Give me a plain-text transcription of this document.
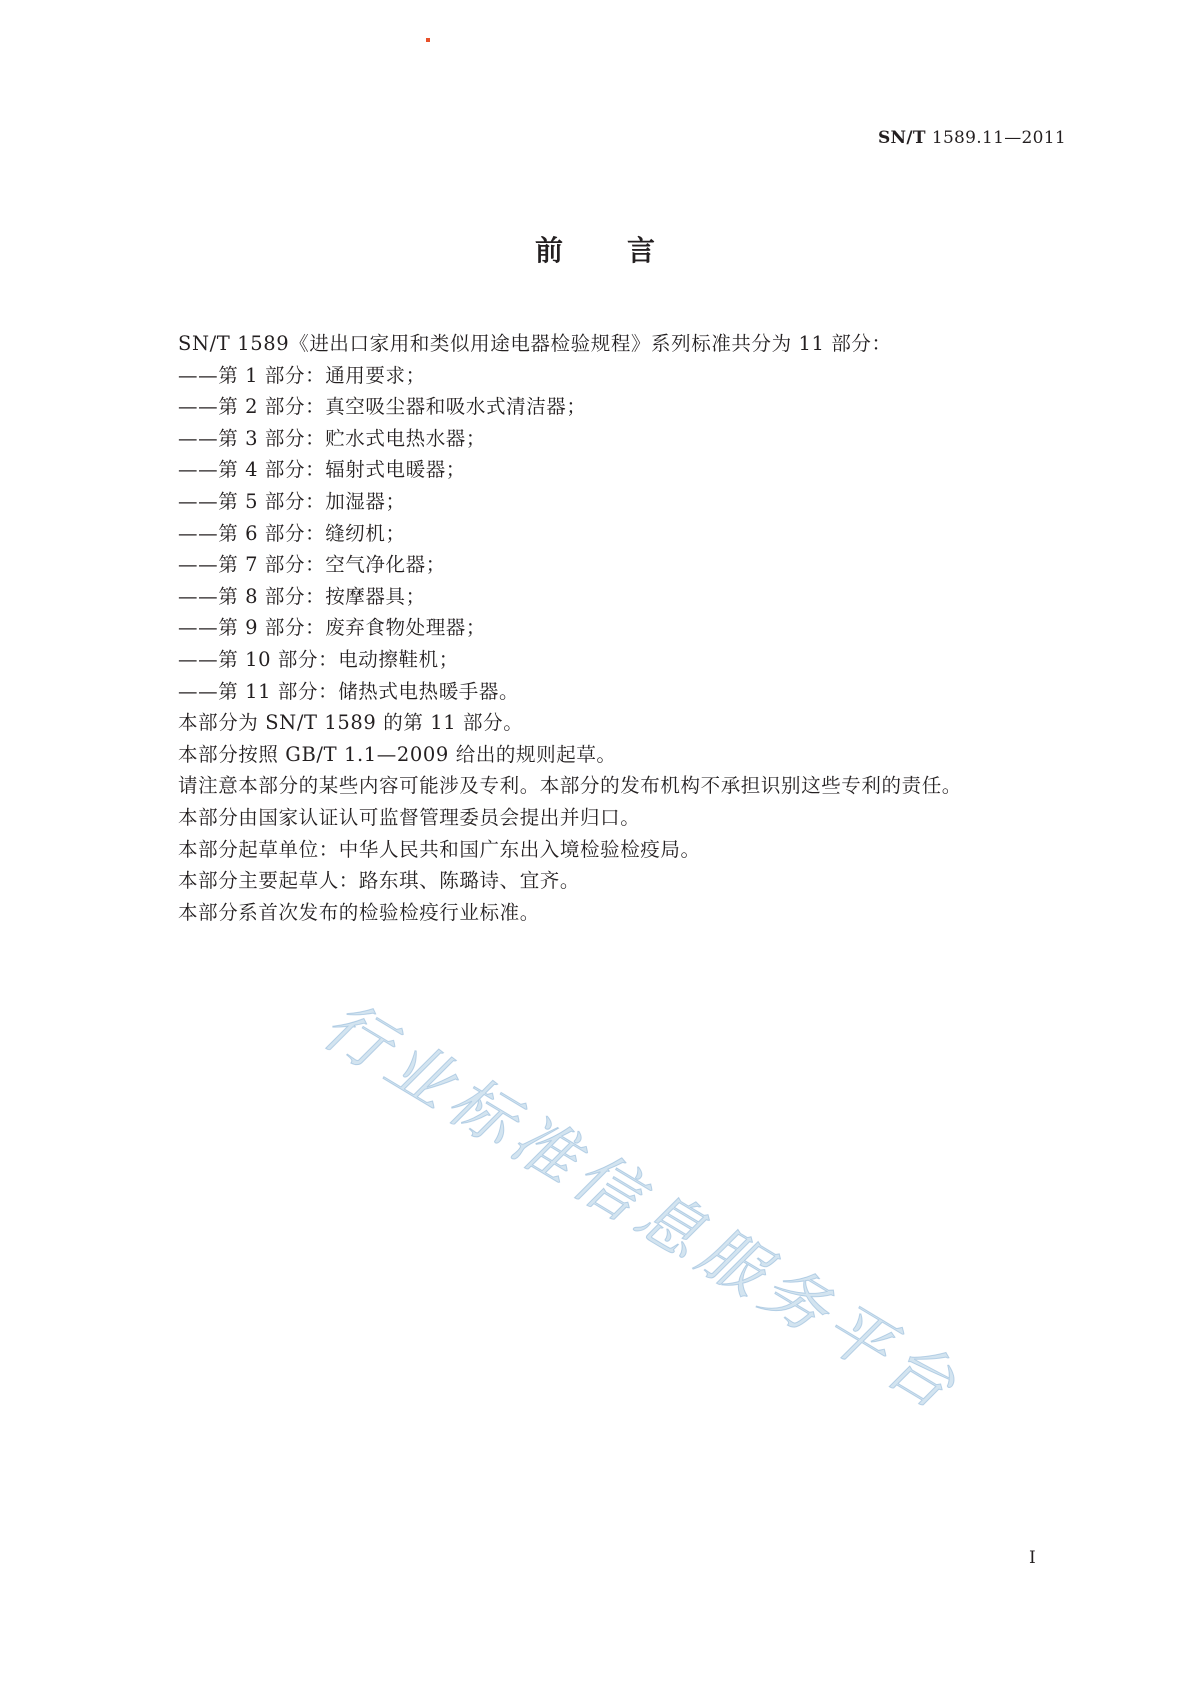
SN/T 1589.11—2011
前言
SN/T 1589《进出口家用和类似用途电器检验规程》系列标准共分为 11 部分：
——第 1 部分：通用要求；
——第 2 部分：真空吸尘器和吸水式清洁器；
——第 3 部分：贮水式电热水器；
——第 4 部分：辐射式电暖器；
——第 5 部分：加湿器；
——第 6 部分：缝纫机；
——第 7 部分：空气净化器；
——第 8 部分：按摩器具；
——第 9 部分：废弃食物处理器；
——第 10 部分：电动擦鞋机；
——第 11 部分：储热式电热暖手器。
本部分为 SN/T 1589 的第 11 部分。
本部分按照 GB/T 1.1—2009 给出的规则起草。
请注意本部分的某些内容可能涉及专利。本部分的发布机构不承担识别这些专利的责任。
本部分由国家认证认可监督管理委员会提出并归口。
本部分起草单位：中华人民共和国广东出入境检验检疫局。
本部分主要起草人：路东琪、陈璐诗、宜齐。
本部分系首次发布的检验检疫行业标准。
行业标准信息服务平台
I
